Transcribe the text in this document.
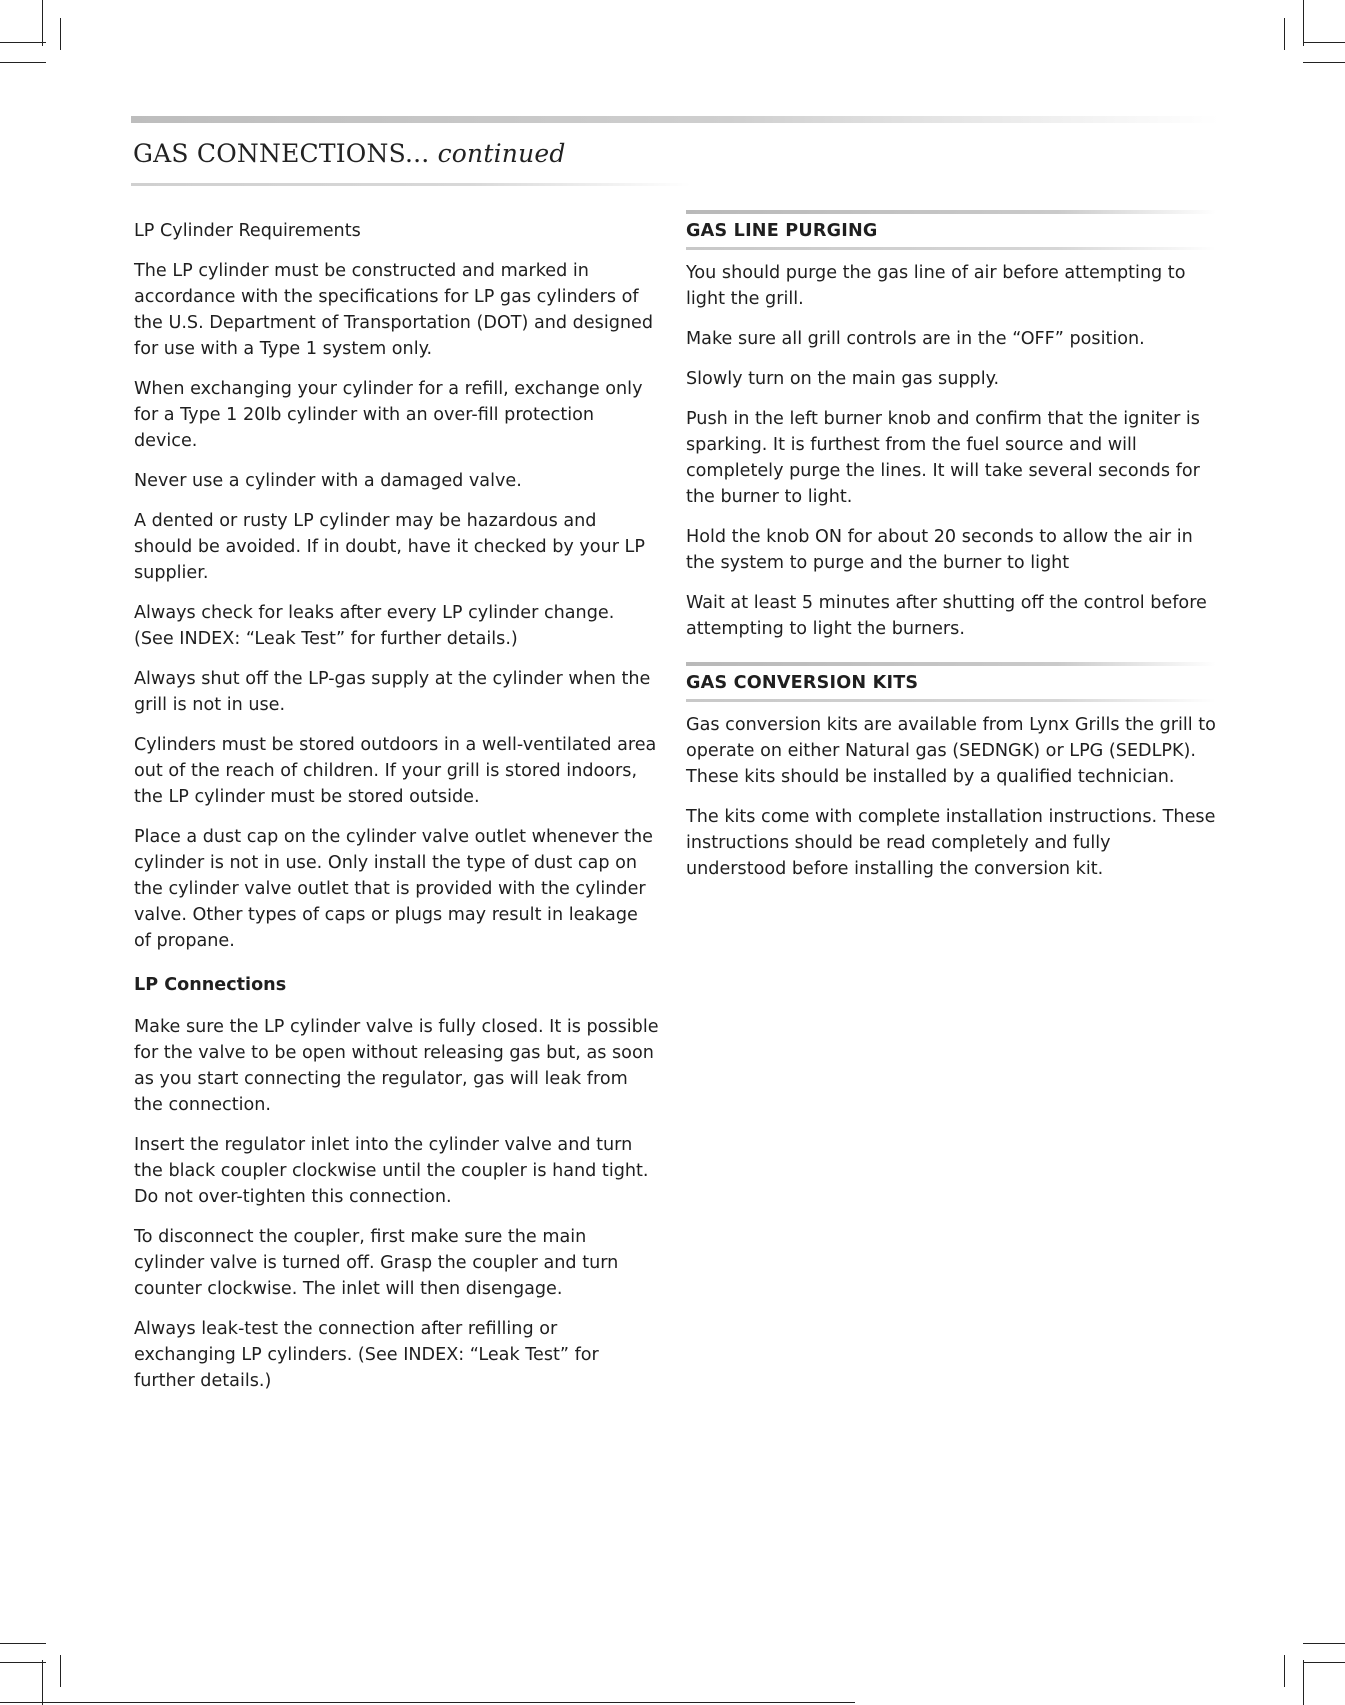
GAS CONNECTIONS... continued
LP Cylinder Requirements

The LP cylinder must be constructed and marked in accordance with the specifications for LP gas cylinders of the U.S. Department of Transportation (DOT) and designed for use with a Type 1 system only.

When exchanging your cylinder for a refill, exchange only for a Type 1 20lb cylinder with an over-fill protection device.

Never use a cylinder with a damaged valve.

A dented or rusty LP cylinder may be hazardous and should be avoided. If in doubt, have it checked by your LP supplier.

Always check for leaks after every LP cylinder change. (See INDEX: “Leak Test” for further details.)

Always shut off the LP-gas supply at the cylinder when the grill is not in use.

Cylinders must be stored outdoors in a well-ventilated area out of the reach of children. If your grill is stored indoors, the LP cylinder must be stored outside.

Place a dust cap on the cylinder valve outlet whenever the cylinder is not in use. Only install the type of dust cap on the cylinder valve outlet that is provided with the cylinder valve. Other types of caps or plugs may result in leakage of propane.

LP Connections

Make sure the LP cylinder valve is fully closed. It is possible for the valve to be open without releasing gas but, as soon as you start connecting the regulator, gas will leak from the connection.

Insert the regulator inlet into the cylinder valve and turn the black coupler clockwise until the coupler is hand tight. Do not over-tighten this connection.

To disconnect the coupler, first make sure the main cylinder valve is turned off. Grasp the coupler and turn counter clockwise. The inlet will then disengage.

Always leak-test the connection after refilling or exchanging LP cylinders. (See INDEX: “Leak Test” for further details.)

GAS LINE PURGING

You should purge the gas line of air before attempting to light the grill.

Make sure all grill controls are in the “OFF” position.

Slowly turn on the main gas supply.

Push in the left burner knob and confirm that the igniter is sparking. It is furthest from the fuel source and will completely purge the lines. It will take several seconds for the burner to light.

Hold the knob ON for about 20 seconds to allow the air in the system to purge and the burner to light

Wait at least 5 minutes after shutting off the control before attempting to light the burners.

GAS CONVERSION KITS

Gas conversion kits are available from Lynx Grills the grill to operate on either Natural gas (SEDNGK) or LPG (SEDLPK). These kits should be installed by a qualified technician.

The kits come with complete installation instructions. These instructions should be read completely and fully understood before installing the conversion kit.
